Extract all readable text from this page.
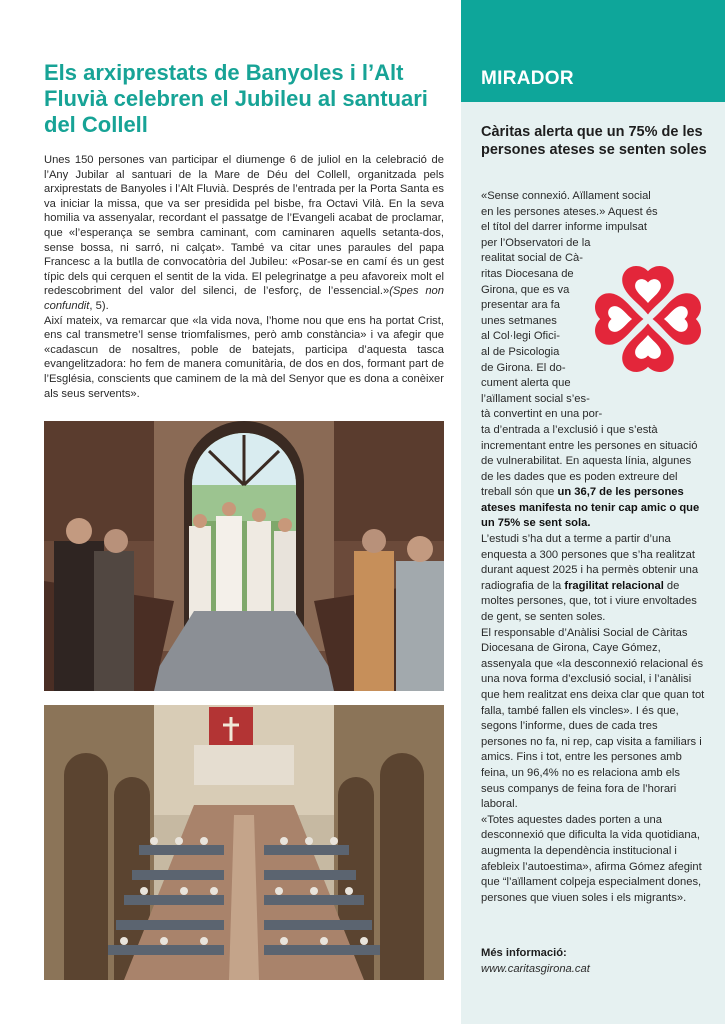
Els arxiprestats de Banyoles i l’Alt Fluvià celebren el Jubileu al santuari del Collell

Unes 150 persones van participar el diumenge 6 de juliol en la celebració de l’Any Jubilar al santuari de la Mare de Déu del Collell, organitzada pels arxiprestats de Banyoles i l’Alt Fluvià. Després de l’entrada per la Porta Santa es va iniciar la missa, que va ser presidida pel bisbe, fra Octavi Vilà. En la seva homilia va assenyalar, recordant el passatge de l’Evangeli acabat de proclamar, que «l’esperança se sembra caminant, com caminaren aquells setanta-dos, sense bossa, ni sarró, ni calçat». També va citar unes paraules del papa Francesc a la butlla de convocatòria del Jubileu: «Posar-se en camí és un gest típic dels qui cerquen el sentit de la vida. El pelegrinatge a peu afavoreix molt el redescobriment del valor del silenci, de l’esforç, de l’essencial.»(Spes non confundit, 5).

Així mateix, va remarcar que «la vida nova, l’home nou que ens ha portat Crist, ens cal transmetre’l sense triomfalismes, però amb constància» i va afegir que «cadascun de nosaltres, poble de batejats, participa d’aquesta tasca evangelitzadora: ho fem de manera comunitària, de dos en dos, formant part de l’Església, conscients que caminem de la mà del Senyor que es dona a conèixer als seus servents».

MIRADOR
Càritas alerta que un 75% de les persones ateses se senten soles

«Sense connexió. Aïllament social
en les persones ateses.» Aquest és
el títol del darrer informe impulsat
per l’Observatori de la
realitat social de Cà-
ritas Diocesana de
Girona, que es va
presentar ara fa
unes setmanes
al Col·legi Ofici-
al de Psicologia
de Girona. El do-
cument alerta que
l’aïllament social s’es-
tà convertint en una por-
ta d’entrada a l’exclusió i que s’està incrementant entre les persones en situació de vulnerabilitat. En aquesta línia, algunes de les dades que es poden extreure del treball són que un 36,7 de les persones ateses manifesta no tenir cap amic o que un 75% se sent sola.

L’estudi s’ha dut a terme a partir d’una enquesta a 300 persones que s’ha realitzat durant aquest 2025 i ha permès obtenir una radiografia de la fragilitat relacional de moltes persones, que, tot i viure envoltades de gent, se senten soles.

El responsable d’Anàlisi Social de Càritas Diocesana de Girona, Caye Gómez, assenyala que «la desconnexió relacional és una nova forma d’exclusió social, i l’anàlisi que hem realitzat ens deixa clar que quan tot falla, també fallen els vincles». I és que, segons l’informe, dues de cada tres persones no fa, ni rep, cap visita a familiars i amics. Fins i tot, entre les persones amb feina, un 96,4% no es relaciona amb els seus companys de feina fora de l’horari laboral.

«Totes aquestes dades porten a una desconnexió que dificulta la vida quotidiana, augmenta la dependència institucional i afebleix l’autoestima», afirma Gómez afegint que “l’aïllament colpeja especialment dones, persones que viuen soles i els migrants».

Més informació:
www.caritasgirona.cat
